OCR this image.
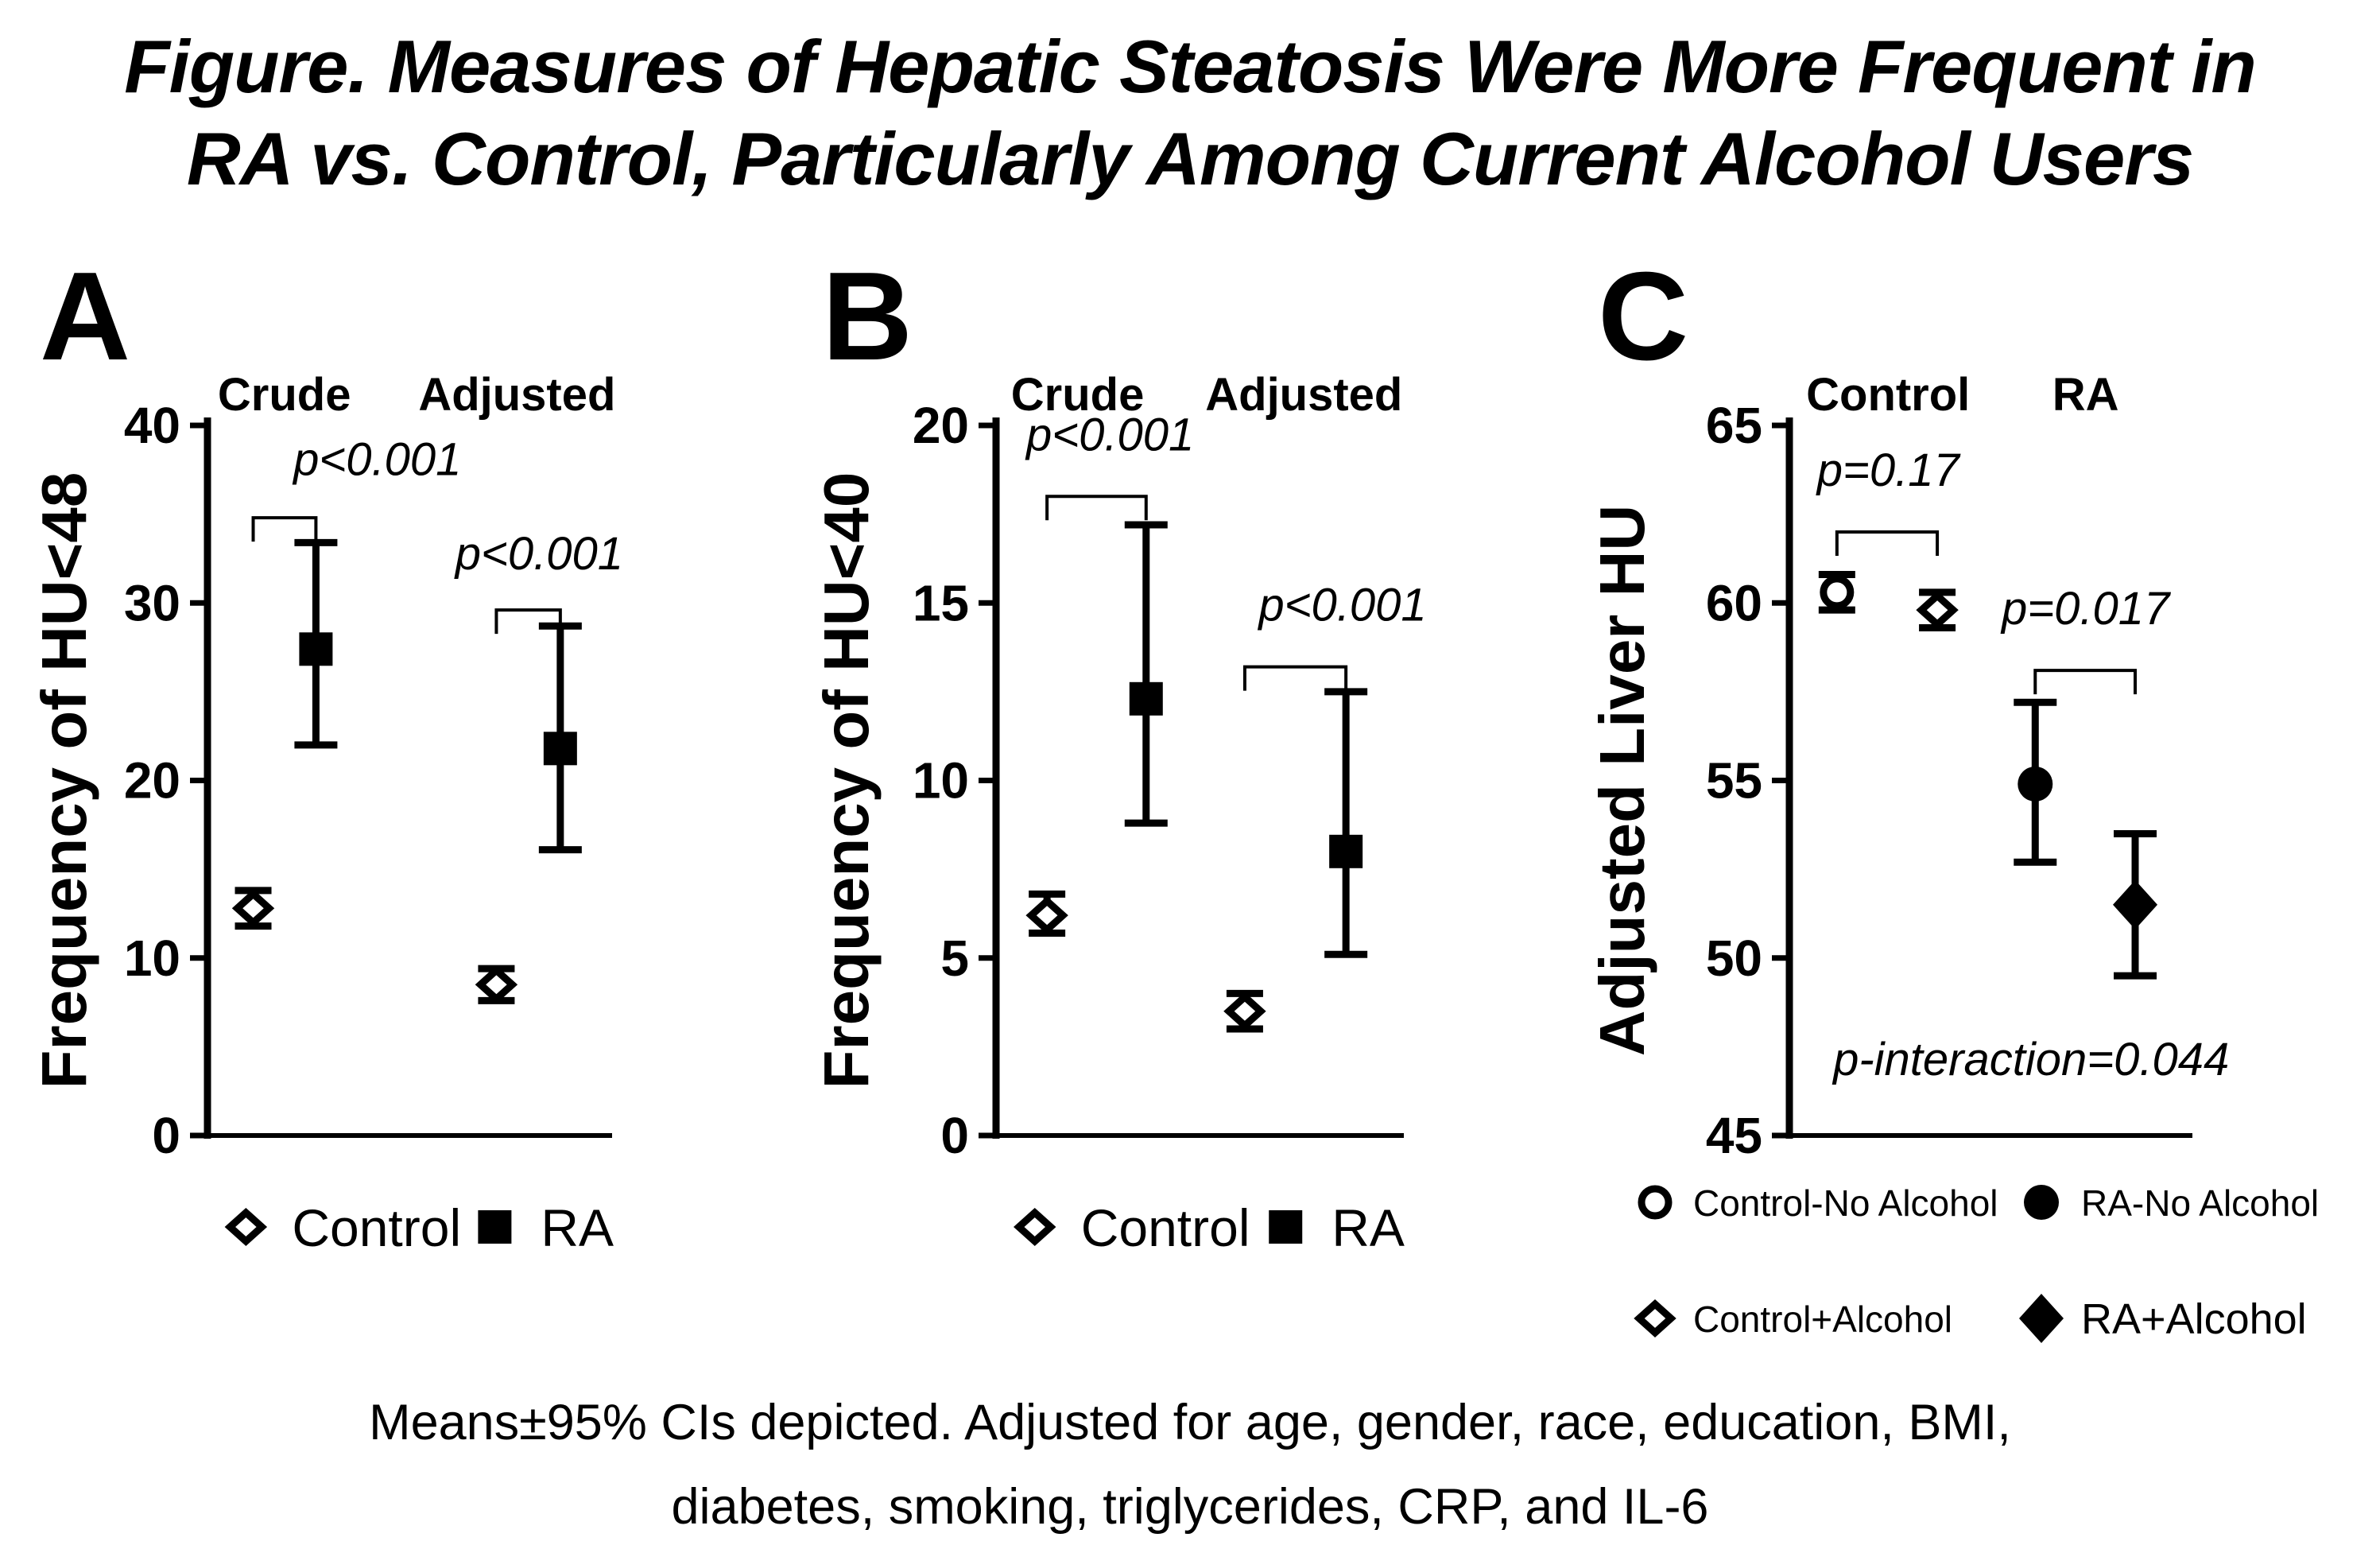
Figure. Measures of Hepatic Steatosis Were More Frequent in
RA vs. Control, Particularly Among Current Alcohol Users
A
Frequency of HU<48
0
10
20
30
40
Crude Adjusted
p<0.001
p<0.001
Control RA
B
Frequency of HU<40
0
5
10
15
20
Crude Adjusted
p<0.001
p<0.001
Control RA
C
Adjusted Liver HU
45
50
55
60
65
Control RA
p=0.17
p=0.017
p-interaction=0.044
Control-No Alcohol RA-No Alcohol
Control+Alcohol	RA+Alcohol
Means±95% CIs depicted. Adjusted for age, gender, race, education, BMI,
diabetes, smoking, triglycerides, CRP, and IL-6
